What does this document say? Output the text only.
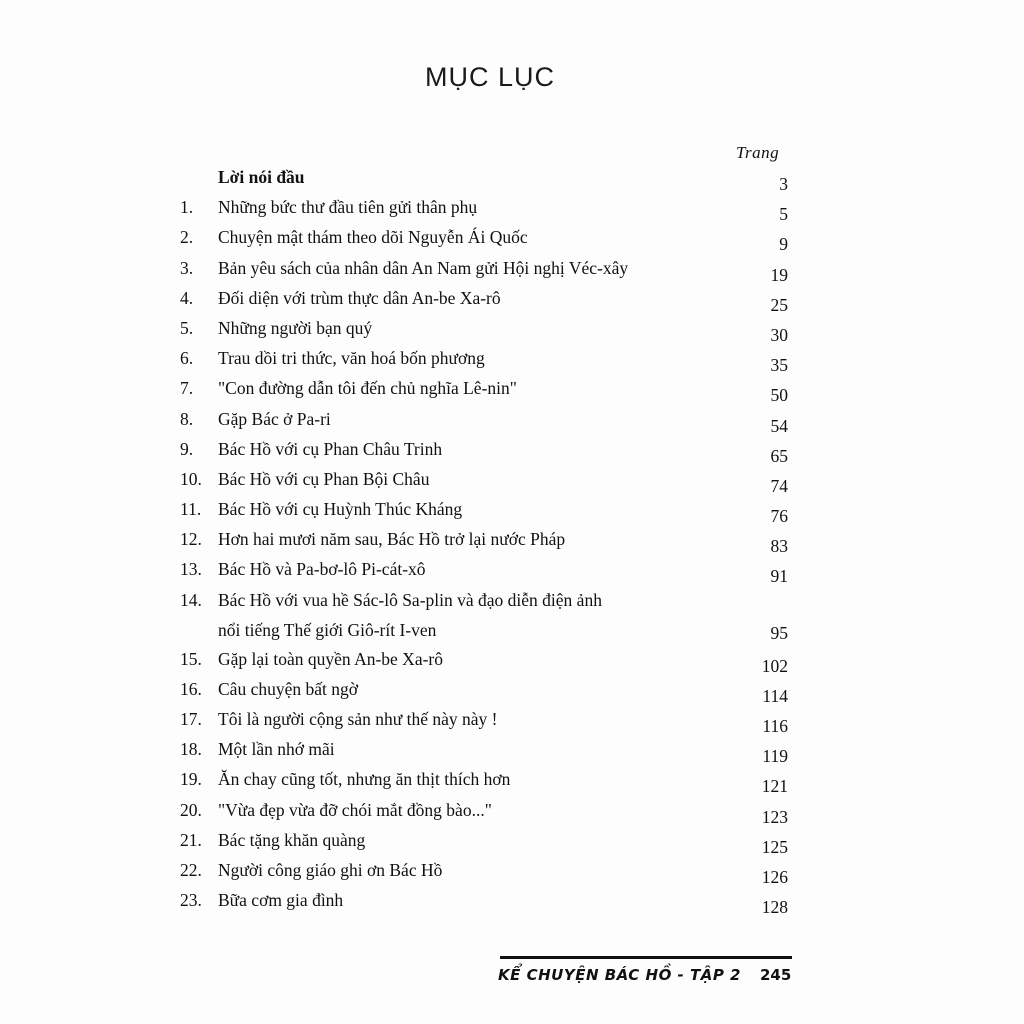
MỤC LỤC
Trang
Lời nói đầu	3
1.	Những bức thư đầu tiên gửi thân phụ	5
2.	Chuyện mật thám theo dõi Nguyễn Ái Quốc	9
3.	Bản yêu sách của nhân dân An Nam gửi Hội nghị Véc-xây	19
4.	Đối diện với trùm thực dân An-be Xa-rô	25
5.	Những người bạn quý	30
6.	Trau dồi tri thức, văn hoá bốn phương	35
7.	"Con đường dẫn tôi đến chủ nghĩa Lê-nin"	50
8.	Gặp Bác ở Pa-ri	54
9.	Bác Hồ với cụ Phan Châu Trinh	65
10. Bác Hồ với cụ Phan Bội Châu	74
11. Bác Hồ với cụ Huỳnh Thúc Kháng	76
12. Hơn hai mươi năm sau, Bác Hồ trở lại nước Pháp	83
13. Bác Hồ và Pa-bơ-lô Pi-cát-xô	91
14. Bác Hồ với vua hề Sác-lô Sa-plin và đạo diễn điện ảnh
nổi tiếng Thế giới Giô-rít I-ven	95
15. Gặp lại toàn quyền An-be Xa-rô	102
16. Câu chuyện bất ngờ	114
17. Tôi là người cộng sản như thế này này !	116
18. Một lần nhớ mãi	119
19. Ăn chay cũng tốt, nhưng ăn thịt thích hơn	121
20. "Vừa đẹp vừa đỡ chói mắt đồng bào..."	123
21. Bác tặng khăn quàng	125
22. Người công giáo ghi ơn Bác Hồ	126
23. Bữa cơm gia đình	128
KỂ CHUYỆN BÁC HỒ - TẬP 2 245
